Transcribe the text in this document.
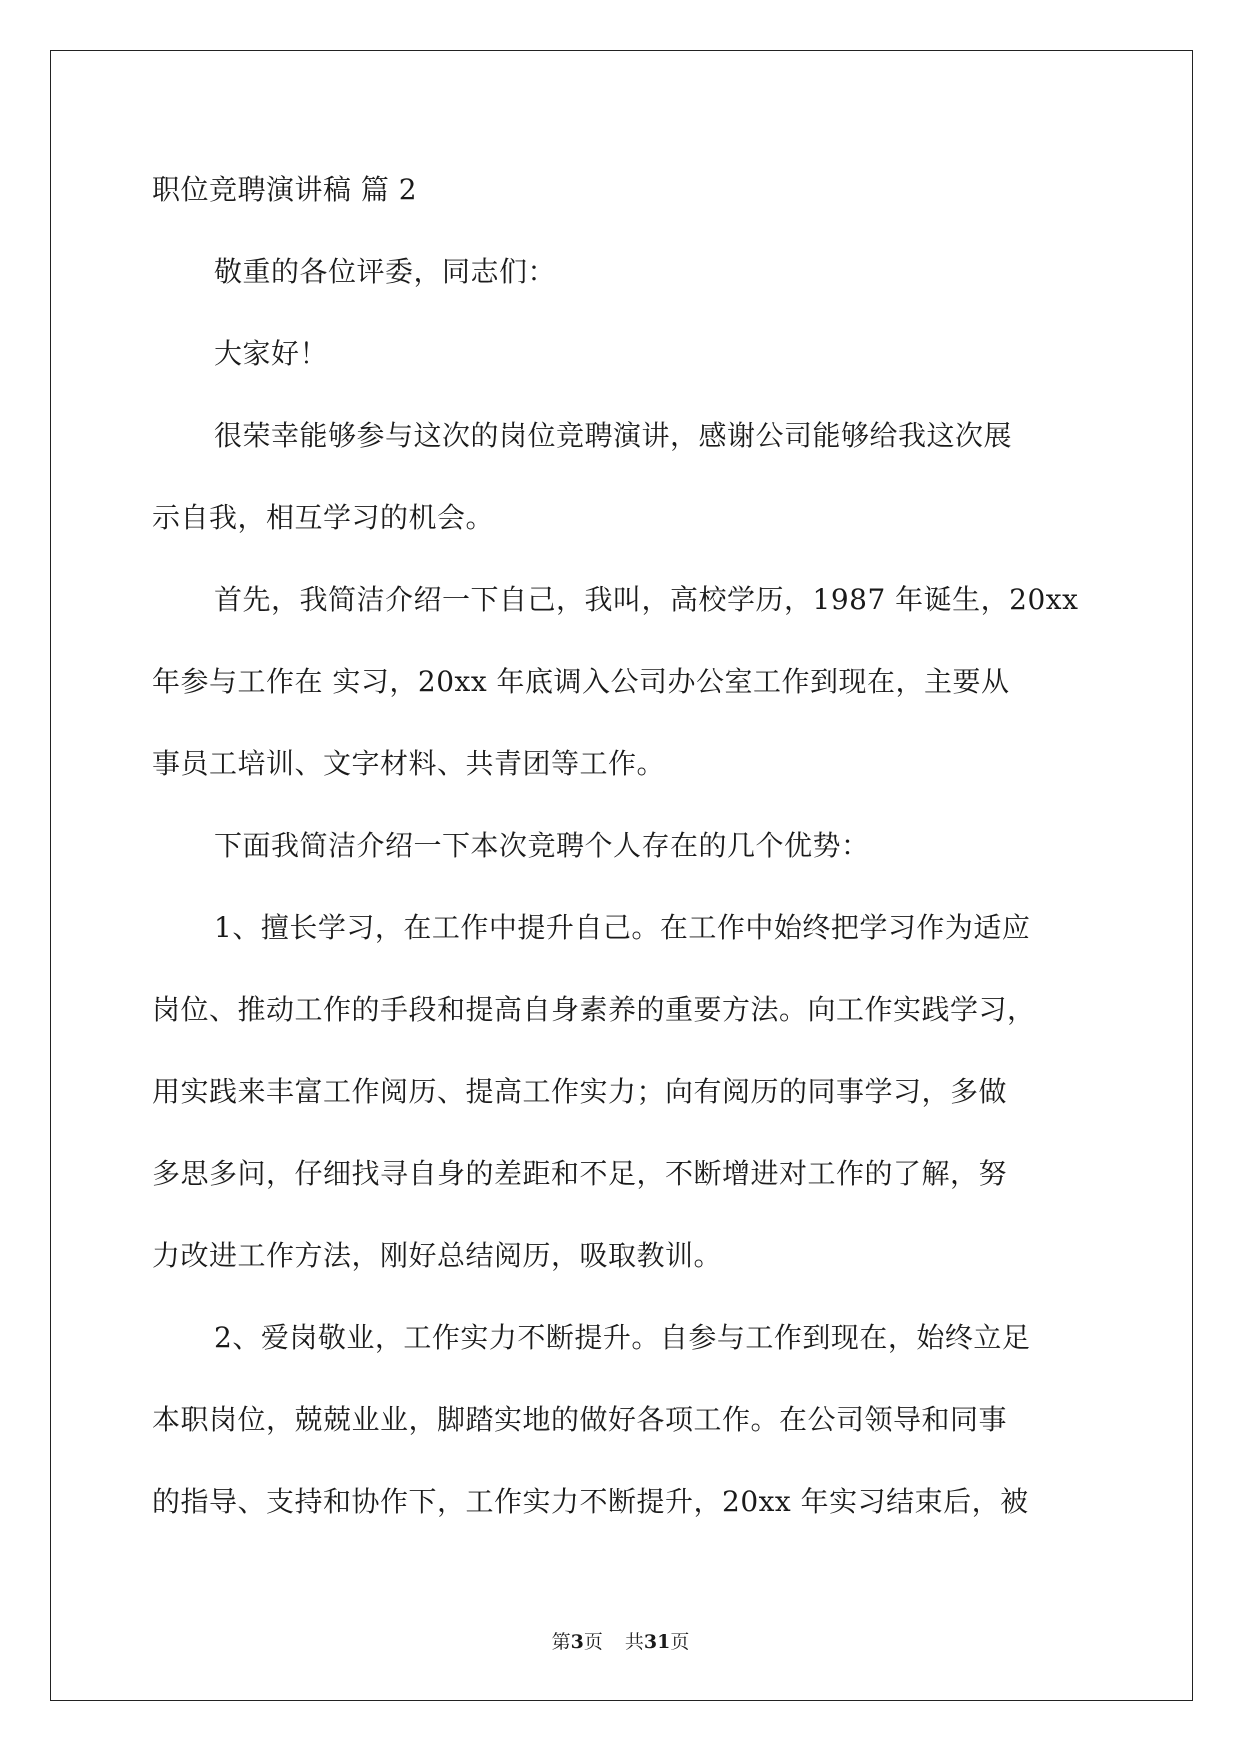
职位竞聘演讲稿 篇 2
敬重的各位评委，同志们：
大家好！
很荣幸能够参与这次的岗位竞聘演讲，感谢公司能够给我这次展
示自我，相互学习的机会。
首先，我简洁介绍一下自己，我叫，高校学历，1987 年诞生，20xx
年参与工作在 实习，20xx 年底调入公司办公室工作到现在，主要从
事员工培训、文字材料、共青团等工作。
下面我简洁介绍一下本次竞聘个人存在的几个优势：
1、擅长学习，在工作中提升自己。在工作中始终把学习作为适应
岗位、推动工作的手段和提高自身素养的重要方法。向工作实践学习，
用实践来丰富工作阅历、提高工作实力；向有阅历的同事学习，多做
多思多问，仔细找寻自身的差距和不足，不断增进对工作的了解，努
力改进工作方法，刚好总结阅历，吸取教训。
2、爱岗敬业，工作实力不断提升。自参与工作到现在，始终立足
本职岗位，兢兢业业，脚踏实地的做好各项工作。在公司领导和同事
的指导、支持和协作下，工作实力不断提升，20xx 年实习结束后，被
第3页 共31页
